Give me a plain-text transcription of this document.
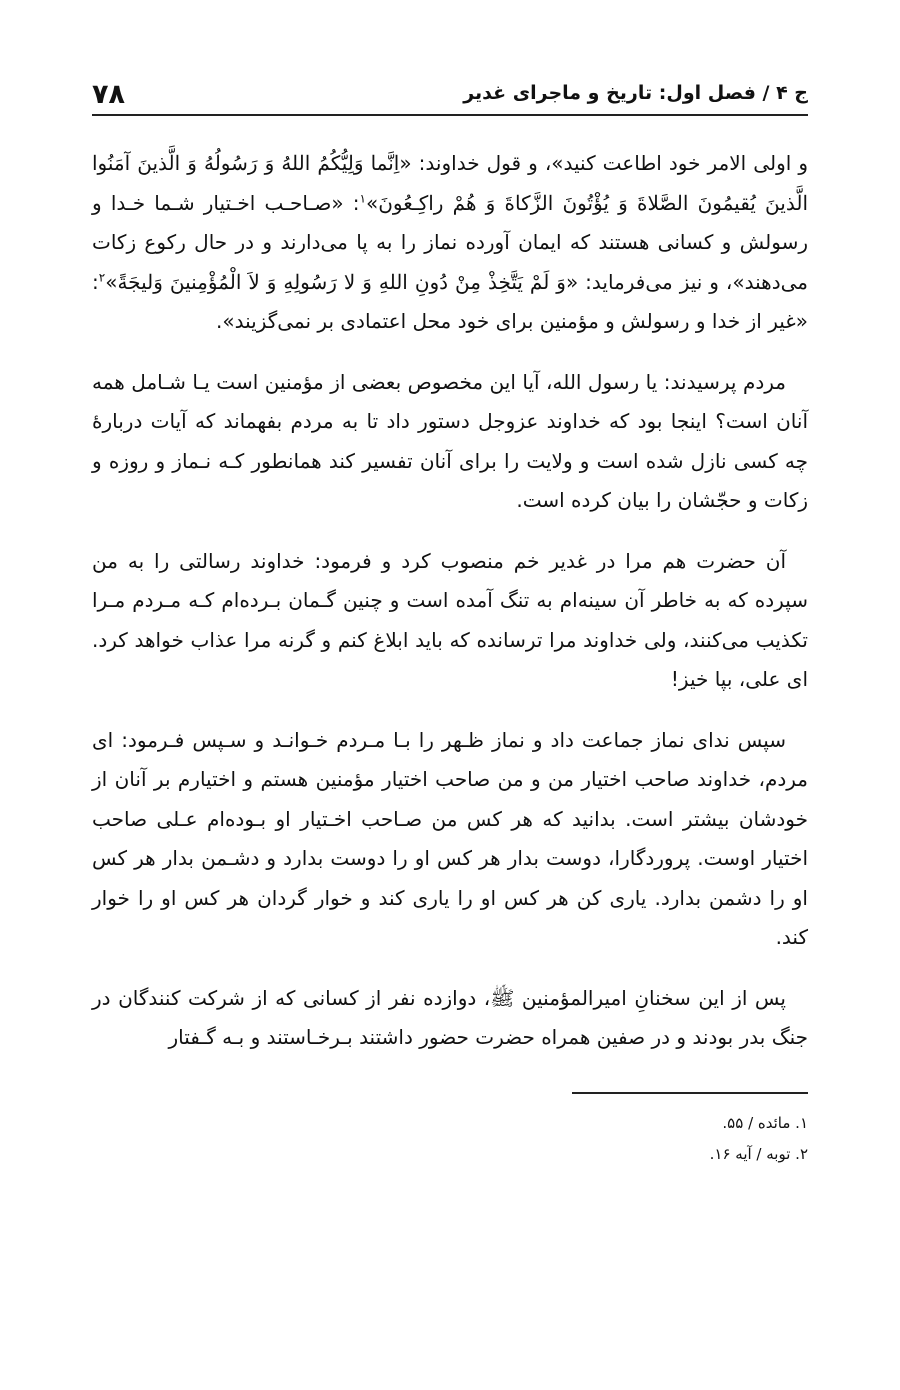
ج ۴ / فصل اول: تاریخ و ماجرای غدیر
۷۸

و اولی الامر خود اطاعت کنید»، و قول خداوند: «اِنَّما وَلِیُّکُمُ اللهُ وَ رَسُولُهُ وَ الَّذینَ آمَنُوا الَّذینَ یُقیمُونَ الصَّلاةَ وَ یُؤْتُونَ الزَّکاةَ وَ هُمْ راکِـعُونَ»$^۱$: «صـاحـب اخـتیار شـما خـدا و رسولش و کسانی هستند که ایمان آورده نماز را به پا می‌دارند و در حال رکوع زکات می‌دهند»، و نیز می‌فرماید: «وَ لَمْ یَتَّخِذْ مِنْ دُونِ اللهِ وَ لا رَسُولِهِ وَ لاَ الْمُؤْمِنینَ وَلیجَةً»$^۲$: «غیر از خدا و رسولش و مؤمنین برای خود محل اعتمادی بر نمی‌گزیند».

مردم پرسیدند: یا رسول الله، آیا این مخصوص بعضی از مؤمنین است یـا شـامل همه آنان است؟ اینجا بود که خداوند عزوجل دستور داد تا به مردم بفهماند که آیات دربارهٔ چه کسی نازل شده است و ولایت را برای آنان تفسیر کند همانطور کـه نـماز و روزه و زکات و حجّشان را بیان کرده است.

آن حضرت هم مرا در غدیر خم منصوب کرد و فرمود: خداوند رسالتی را به من سپرده که به خاطر آن سینه‌ام به تنگ آمده است و چنین گـمان بـرده‌ام کـه مـردم مـرا تکذیب می‌کنند، ولی خداوند مرا ترسانده که باید ابلاغ کنم و گرنه مرا عذاب خواهد کرد. ای علی، بپا خیز!

سپس ندای نماز جماعت داد و نماز ظـهر را بـا مـردم خـوانـد و سـپس فـرمود: ای مردم، خداوند صاحب اختیار من و من صاحب اختیار مؤمنین هستم و اختیارم بر آنان از خودشان بیشتر است. بدانید که هر کس من صـاحب اخـتیار او بـوده‌ام عـلی صاحب اختیار اوست. پروردگارا، دوست بدار هر کس او را دوست بدارد و دشـمن بدار هر کس او را دشمن بدارد. یاری کن هر کس او را یاری کند و خوار گردان هر کس او را خوار کند.

پس از این سخنانِ امیرالمؤمنین ﷺ، دوازده نفر از کسانی که از شرکت کنندگان در جنگ بدر بودند و در صفین همراه حضرت حضور داشتند بـرخـاستند و بـه گـفتار

۱. مائده / ۵۵.

۲. توبه / آیه ۱۶.
